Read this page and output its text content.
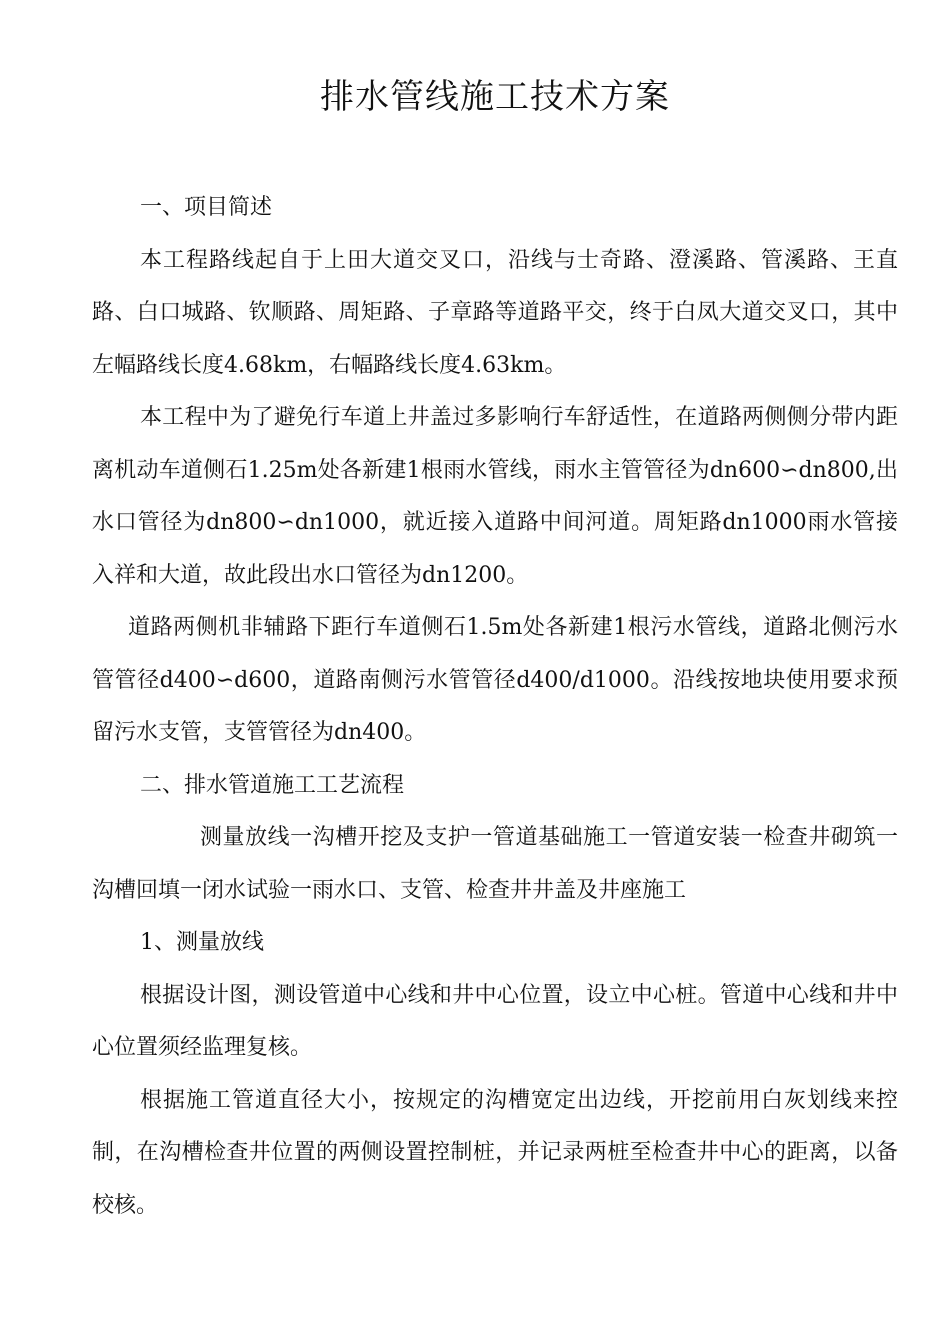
排水管线施工技术方案

一、项目简述

本工程路线起自于上田大道交叉口，沿线与士奇路、澄溪路、管溪路、王直路、白口城路、钦顺路、周矩路、子章路等道路平交，终于白凤大道交叉口，其中左幅路线长度4.68km，右幅路线长度4.63km。

本工程中为了避免行车道上井盖过多影响行车舒适性，在道路两侧侧分带内距离机动车道侧石1.25m处各新建1根雨水管线，雨水主管管径为dn600∽dn800,出水口管径为dn800∽dn1000，就近接入道路中间河道。周矩路dn1000雨水管接入祥和大道，故此段出水口管径为dn1200。

道路两侧机非辅路下距行车道侧石1.5m处各新建1根污水管线，道路北侧污水管管径d400∽d600，道路南侧污水管管径d400/d1000。沿线按地块使用要求预留污水支管，支管管径为dn400。

二、排水管道施工工艺流程

测量放线一沟槽开挖及支护一管道基础施工一管道安装一检查井砌筑一沟槽回填一闭水试验一雨水口、支管、检查井井盖及井座施工

1、测量放线

根据设计图，测设管道中心线和井中心位置，设立中心桩。管道中心线和井中心位置须经监理复核。

根据施工管道直径大小，按规定的沟槽宽定出边线，开挖前用白灰划线来控制，在沟槽检查井位置的两侧设置控制桩，并记录两桩至检查井中心的距离，以备校核。
